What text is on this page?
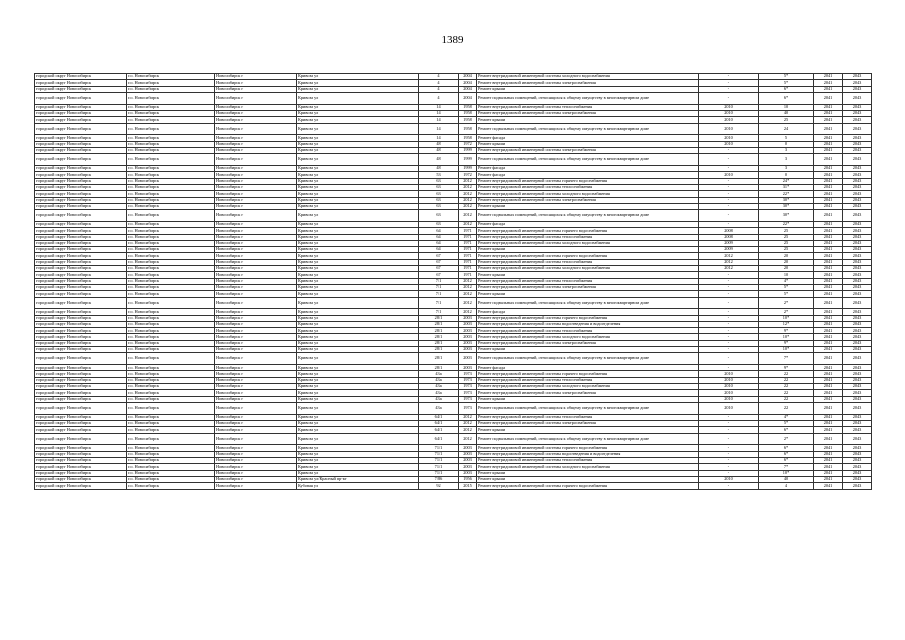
1389
городской округ Новосибирск	г.о. Новосибирск	Новосибирск г	Кривоза ул	4	2004	Ремонт внутридомовой инженерной системы холодного водоснабжения	-	5*	2041	2043
городской округ Новосибирск	г.о. Новосибирск	Новосибирск г	Кривоза ул	4	2004	Ремонт внутридомовой инженерной системы электроснабжения	-	5*	2041	2043
городской округ Новосибирск	г.о. Новосибирск	Новосибирск г	Кривоза ул	4	2004	Ремонт крыши	-	6*	2041	2043
городской округ Новосибирск	г.о. Новосибирск	Новосибирск г	Кривоза ул	4	2004	Ремонт подвальных помещений, относящихся к общему имуществу в многоквартирном доме	-	6*	2041	2043
городской округ Новосибирск	г.о. Новосибирск	Новосибирск г	Кривоза ул	14	1958	Ремонт внутридомовой инженерной системы теплоснабжения	2010	10	2041	2043
городской округ Новосибирск	г.о. Новосибирск	Новосибирск г	Кривоза ул	14	1958	Ремонт внутридомовой инженерной системы электроснабжения	2010	40	2041	2043
городской округ Новосибирск	г.о. Новосибирск	Новосибирск г	Кривоза ул	14	1958	Ремонт крыши	2010	25	2041	2043
городской округ Новосибирск	г.о. Новосибирск	Новосибирск г	Кривоза ул	14	1958	Ремонт подвальных помещений, относящихся к общему имуществу в многоквартирном доме	2010	24	2041	2043
городской округ Новосибирск	г.о. Новосибирск	Новосибирск г	Кривоза ул	14	1958	Ремонт фасада	2010	5	2041	2043
городской округ Новосибирск	г.о. Новосибирск	Новосибирск г	Кривоза ул	48	1972	Ремонт крыши	2010	0	2041	2043
городской округ Новосибирск	г.о. Новосибирск	Новосибирск г	Кривоза ул	48	1999	Ремонт внутридомовой инженерной системы электроснабжения	-	3	2041	2043
городской округ Новосибирск	г.о. Новосибирск	Новосибирск г	Кривоза ул	48	1999	Ремонт подвальных помещений, относящихся к общему имуществу в многоквартирном доме	-	3	2041	2043
городской округ Новосибирск	г.о. Новосибирск	Новосибирск г	Кривоза ул	48	1999	Ремонт фасада	-	3	2041	2043
городской округ Новосибирск	г.о. Новосибирск	Новосибирск г	Кривоза ул	53	1972	Ремонт фасада	2010	0	2041	2043
городской округ Новосибирск	г.о. Новосибирск	Новосибирск г	Кривоза ул	63	2012	Ремонт внутридомовой инженерной системы горячего водоснабжения	-	24*	2041	2043
городской округ Новосибирск	г.о. Новосибирск	Новосибирск г	Кривоза ул	63	2012	Ремонт внутридомовой инженерной системы теплоснабжения	-	31*	2041	2043
городской округ Новосибирск	г.о. Новосибирск	Новосибирск г	Кривоза ул	63	2012	Ремонт внутридомовой инженерной системы холодного водоснабжения	-	22*	2041	2043
городской округ Новосибирск	г.о. Новосибирск	Новосибирск г	Кривоза ул	63	2012	Ремонт внутридомовой инженерной системы электроснабжения	-	30*	2041	2043
городской округ Новосибирск	г.о. Новосибирск	Новосибирск г	Кривоза ул	63	2012	Ремонт крыши	-	30*	2041	2043
городской округ Новосибирск	г.о. Новосибирск	Новосибирск г	Кривоза ул	63	2012	Ремонт подвальных помещений, относящихся к общему имуществу в многоквартирном доме	-	30*	2041	2043
городской округ Новосибирск	г.о. Новосибирск	Новосибирск г	Кривоза ул	63	2012	Ремонт фасада	-	22*	2041	2043
городской округ Новосибирск	г.о. Новосибирск	Новосибирск г	Кривоза ул	64	1971	Ремонт внутридомовой инженерной системы горячего водоснабжения	2008	25	2041	2043
городской округ Новосибирск	г.о. Новосибирск	Новосибирск г	Кривоза ул	64	1971	Ремонт внутридомовой инженерной системы теплоснабжения	2008	25	2041	2043
городской округ Новосибирск	г.о. Новосибирск	Новосибирск г	Кривоза ул	64	1971	Ремонт внутридомовой инженерной системы холодного водоснабжения	2009	25	2041	2043
городской округ Новосибирск	г.о. Новосибирск	Новосибирск г	Кривоза ул	64	1971	Ремонт крыши	2009	25	2041	2043
городской округ Новосибирск	г.о. Новосибирск	Новосибирск г	Кривоза ул	67	1971	Ремонт внутридомовой инженерной системы горячего водоснабжения	2012	20	2041	2043
городской округ Новосибирск	г.о. Новосибирск	Новосибирск г	Кривоза ул	67	1971	Ремонт внутридомовой инженерной системы теплоснабжения	2012	20	2041	2043
городской округ Новосибирск	г.о. Новосибирск	Новосибирск г	Кривоза ул	67	1971	Ремонт внутридомовой инженерной системы холодного водоснабжения	2012	20	2041	2043
городской округ Новосибирск	г.о. Новосибирск	Новосибирск г	Кривоза ул	67	1971	Ремонт крыши	-	10	2041	2043
городской округ Новосибирск	г.о. Новосибирск	Новосибирск г	Кривоза ул	7/1	2012	Ремонт внутридомовой инженерной системы теплоснабжения	-	4*	2041	2043
городской округ Новосибирск	г.о. Новосибирск	Новосибирск г	Кривоза ул	7/1	2012	Ремонт внутридомовой инженерной системы электроснабжения	-	5*	2041	2043
городской округ Новосибирск	г.о. Новосибирск	Новосибирск г	Кривоза ул	7/1	2012	Ремонт крыши	-	5*	2041	2043
городской округ Новосибирск	г.о. Новосибирск	Новосибирск г	Кривоза ул	7/1	2012	Ремонт подвальных помещений, относящихся к общему имуществу в многоквартирном доме	-	2*	2041	2043
городской округ Новосибирск	г.о. Новосибирск	Новосибирск г	Кривоза ул	7/1	2012	Ремонт фасада	-	2*	2041	2043
городской округ Новосибирск	г.о. Новосибирск	Новосибирск г	Кривоза ул	28/1	2003	Ремонт внутридомовой инженерной системы горячего водоснабжения	-	10*	2041	2043
городской округ Новосибирск	г.о. Новосибирск	Новосибирск г	Кривоза ул	28/1	2003	Ремонт внутридомовой инженерной системы водоотведения и водоотделения	-	12*	2041	2043
городской округ Новосибирск	г.о. Новосибирск	Новосибирск г	Кривоза ул	28/1	2003	Ремонт внутридомовой инженерной системы теплоснабжения	-	9*	2041	2043
городской округ Новосибирск	г.о. Новосибирск	Новосибирск г	Кривоза ул	28/1	2003	Ремонт внутридомовой инженерной системы холодного водоснабжения	-	10*	2041	2043
городской округ Новосибирск	г.о. Новосибирск	Новосибирск г	Кривоза ул	28/1	2003	Ремонт внутридомовой инженерной системы электроснабжения	-	9*	2041	2043
городской округ Новосибирск	г.о. Новосибирск	Новосибирск г	Кривоза ул	28/1	2003	Ремонт крыши	-	10*	2041	2043
городской округ Новосибирск	г.о. Новосибирск	Новосибирск г	Кривоза ул	28/1	2003	Ремонт подвальных помещений, относящихся к общему имуществу в многоквартирном доме	-	7*	2041	2043
городской округ Новосибирск	г.о. Новосибирск	Новосибирск г	Кривоза ул	28/1	2003	Ремонт фасада	-	9*	2041	2043
городской округ Новосибирск	г.о. Новосибирск	Новосибирск г	Кривоза ул	43а	1973	Ремонт внутридомовой инженерной системы горячего водоснабжения	2010	22	2041	2043
городской округ Новосибирск	г.о. Новосибирск	Новосибирск г	Кривоза ул	43а	1973	Ремонт внутридомовой инженерной системы теплоснабжения	2010	22	2041	2043
городской округ Новосибирск	г.о. Новосибирск	Новосибирск г	Кривоза ул	43а	1973	Ремонт внутридомовой инженерной системы холодного водоснабжения	2010	22	2041	2043
городской округ Новосибирск	г.о. Новосибирск	Новосибирск г	Кривоза ул	43а	1973	Ремонт внутридомовой инженерной системы электроснабжения	2010	22	2041	2043
городской округ Новосибирск	г.о. Новосибирск	Новосибирск г	Кривоза ул	43а	1973	Ремонт крыши	2010	22	2041	2043
городской округ Новосибирск	г.о. Новосибирск	Новосибирск г	Кривоза ул	43а	1973	Ремонт подвальных помещений, относящихся к общему имуществу в многоквартирном доме	2010	22	2041	2043
городской округ Новосибирск	г.о. Новосибирск	Новосибирск г	Кривоза ул	64/1	2012	Ремонт внутридомовой инженерной системы теплоснабжения	-	4*	2041	2043
городской округ Новосибирск	г.о. Новосибирск	Новосибирск г	Кривоза ул	64/1	2012	Ремонт внутридомовой инженерной системы электроснабжения	-	5*	2041	2043
городской округ Новосибирск	г.о. Новосибирск	Новосибирск г	Кривоза ул	64/1	2012	Ремонт крыши	-	6*	2041	2043
городской округ Новосибирск	г.о. Новосибирск	Новосибирск г	Кривоза ул	64/1	2012	Ремонт подвальных помещений, относящихся к общему имуществу в многоквартирном доме	-	2*	2041	2043
городской округ Новосибирск	г.о. Новосибирск	Новосибирск г	Кривоза ул	71/1	2003	Ремонт внутридомовой инженерной системы горячего водоснабжения	-	6*	2041	2043
городской округ Новосибирск	г.о. Новосибирск	Новосибирск г	Кривоза ул	71/1	2003	Ремонт внутридомовой инженерной системы водоотведения и водоотделения	-	6*	2041	2043
городской округ Новосибирск	г.о. Новосибирск	Новосибирск г	Кривоза ул	71/1	2003	Ремонт внутридомовой инженерной системы теплоснабжения	-	6*	2041	2043
городской округ Новосибирск	г.о. Новосибирск	Новосибирск г	Кривоза ул	71/1	2003	Ремонт внутридомовой инженерной системы холодного водоснабжения	-	7*	2041	2043
городской округ Новосибирск	г.о. Новосибирск	Новосибирск г	Кривоза ул	71/1	2003	Ремонт крыши	-	10*	2041	2043
городской округ Новосибирск	г.о. Новосибирск	Новосибирск г	Кривоза ул/Красный пр-кт	7/86	1956	Ремонт крыши	2010	40	2041	2043
городской округ Новосибирск	г.о. Новосибирск	Новосибирск г	Кубовая ул	92	2015	Ремонт внутридомовой инженерной системы горячего водоснабжения	-	4	2041	2043
